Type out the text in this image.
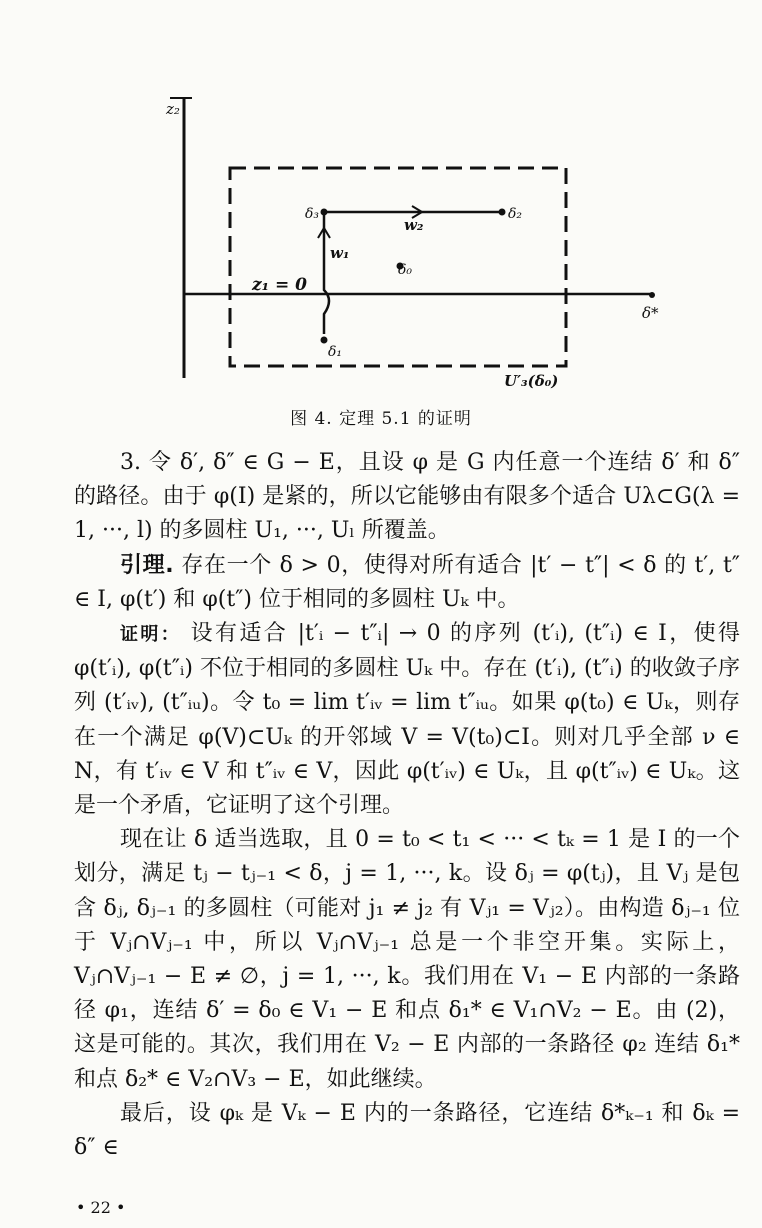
z₂
δ*
z₁ = 0
w₁
w₂
δ₃	δ₂
δ₀
δ₁
U′₃(δ₀)
图 4. 定理 5.1 的证明

3. 令 δ′, δ″ ∈ G − E，且设 φ 是 G 内任意一个连结 δ′ 和 δ″ 的路径。由于 φ(I) 是紧的，所以它能够由有限多个适合 Uλ⊂G(λ = 1, ···, l) 的多圆柱 U₁, ···, Uₗ 所覆盖。

引理. 存在一个 δ > 0，使得对所有适合 |t′ − t″| < δ 的 t′, t″ ∈ I, φ(t′) 和 φ(t″) 位于相同的多圆柱 Uₖ 中。

证明： 设有适合 |t′ᵢ − t″ᵢ| → 0 的序列 (t′ᵢ), (t″ᵢ) ∈ I，使得 φ(t′ᵢ), φ(t″ᵢ) 不位于相同的多圆柱 Uₖ 中。存在 (t′ᵢ), (t″ᵢ) 的收敛子序列 (t′ᵢᵥ), (t″ᵢᵤ)。令 t₀ = lim t′ᵢᵥ = lim t″ᵢᵤ。如果 φ(t₀) ∈ Uₖ，则存在一个满足 φ(V)⊂Uₖ 的开邻域 V = V(t₀)⊂I。则对几乎全部 ν ∈ N，有 t′ᵢᵥ ∈ V 和 t″ᵢᵥ ∈ V，因此 φ(t′ᵢᵥ) ∈ Uₖ，且 φ(t″ᵢᵥ) ∈ Uₖ。这是一个矛盾，它证明了这个引理。

现在让 δ 适当选取，且 0 = t₀ < t₁ < ··· < tₖ = 1 是 I 的一个划分，满足 tⱼ − tⱼ₋₁ < δ，j = 1, ···, k。设 δⱼ = φ(tⱼ)，且 Vⱼ 是包含 δⱼ, δⱼ₋₁ 的多圆柱（可能对 j₁ ≠ j₂ 有 Vⱼ₁ = Vⱼ₂）。由构造 δⱼ₋₁ 位于 Vⱼ∩Vⱼ₋₁ 中，所以 Vⱼ∩Vⱼ₋₁ 总是一个非空开集。实际上，Vⱼ∩Vⱼ₋₁ − E ≠ ∅，j = 1, ···, k。我们用在 V₁ − E 内部的一条路径 φ₁，连结 δ′ = δ₀ ∈ V₁ − E 和点 δ₁* ∈ V₁∩V₂ − E。由 (2)，这是可能的。其次，我们用在 V₂ − E 内部的一条路径 φ₂ 连结 δ₁* 和点 δ₂* ∈ V₂∩V₃ − E，如此继续。

最后，设 φₖ 是 Vₖ − E 内的一条路径，它连结 δ*ₖ₋₁ 和 δₖ = δ″ ∈

• 22 •
